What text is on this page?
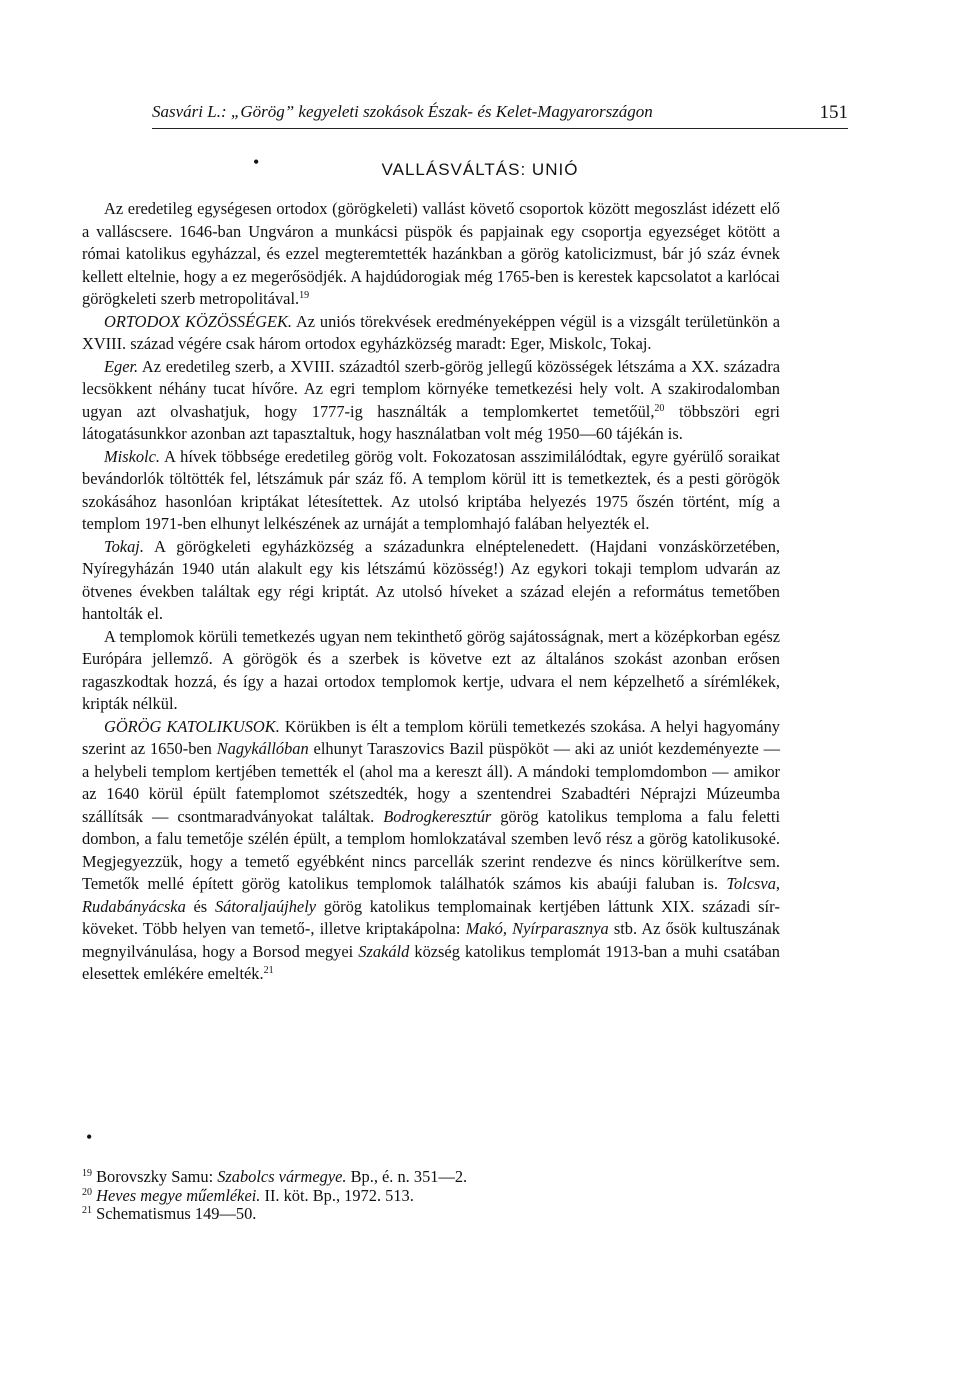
Sasvári L.: „Görög” kegyeleti szokások Észak- és Kelet-Magyarországon	151
•	VALLÁSVÁLTÁS: UNIÓ

Az eredetileg egységesen ortodox (görögkeleti) vallást követő csoportok között megoszlást idézett elő a valláscsere. 1646-ban Ungváron a munkácsi püspök és papjainak egy csoportja egyezséget kötött a római katolikus egyházzal, és ezzel megteremtették hazánkban a görög katolicizmust, bár jó száz évnek kellett eltelnie, hogy a ez megerősödjék. A hajdúdorogiak még 1765-ben is kerestek kapcsolatot a karlócai görögkeleti szerb metropolitával.$^{19}$

ORTODOX KÖZÖSSÉGEK. Az uniós törekvések eredményeképpen végül is a vizsgált területünkön a XVIII. század végére csak három ortodox egyházközség maradt: Eger, Miskolc, Tokaj.

Eger. Az eredetileg szerb, a XVIII. századtól szerb-görög jellegű közösségek létszáma a XX. századra lecsökkent néhány tucat hívőre. Az egri templom környéke temetkezési hely volt. A szakirodalomban ugyan azt olvashatjuk, hogy 1777-ig használták a templomkertet temetőül,$^{20}$ többszöri egri látogatásunkkor azonban azt tapasztaltuk, hogy használatban volt még 1950—60 tájékán is.

Miskolc. A hívek többsége eredetileg görög volt. Fokozatosan asszimilálódtak, egyre gyérülő soraikat bevándorlók töltötték fel, létszámuk pár száz fő. A templom körül itt is temetkeztek, és a pesti görögök szokásához hasonlóan kriptákat létesítettek. Az utolsó kriptába helyezés 1975 őszén történt, míg a templom 1971-ben elhunyt lelkészének az urnáját a templomhajó falában helyezték el.

Tokaj. A görögkeleti egyházközség a századunkra elnéptelenedett. (Hajdani vonzáskörzetében, Nyíregyházán 1940 után alakult egy kis létszámú közösség!) Az egykori tokaji templom udvarán az ötvenes években találtak egy régi kriptát. Az utolsó híveket a század elején a református temetőben hantolták el.

A templomok körüli temetkezés ugyan nem tekinthető görög sajátosságnak, mert a középkorban egész Európára jellemző. A görögök és a szerbek is követve ezt az általános szokást azonban erősen ragaszkodtak hozzá, és így a hazai ortodox templomok kertje, udvara el nem képzelhető a sírémlékek, kripták nélkül.

GÖRÖG KATOLIKUSOK. Körükben is élt a templom körüli temetkezés szokása. A helyi hagyomány szerint az 1650-ben Nagykállóban elhunyt Taraszovics Bazil püspököt — aki az uniót kezdeményezte — a helybeli templom kertjében temették el (ahol ma a kereszt áll). A mándoki templomdombon — amikor az 1640 körül épült fatemplomot szétszedték, hogy a szentendrei Szabadtéri Néprajzi Múzeumba szállítsák — csontmaradványokat találtak. Bodrogkeresztúr görög katolikus temploma a falu feletti dombon, a falu temetője szélén épült, a templom homlokzatával szemben levő rész a görög katolikusoké. Megjegyezzük, hogy a temető egyébként nincs parcellák szerint rendezve és nincs körülkerítve sem. Temetők mellé épített görög katolikus templomok találhatók számos kis abaúji faluban is. Tolcsva, Rudabányácska és Sátoraljaújhely görög katolikus templomainak kertjében láttunk XIX. századi sírköveket. Több helyen van temető-, illetve kriptakápolna: Makó, Nyírparasznya stb. Az ősök kultuszának megnyilvánulása, hogy a Borsod megyei Szakáld község katolikus templomát 1913-ban a muhi csatában elesettek emlékére emelték.$^{21}$

•

$^{19}$ Borovszky Samu: Szabolcs vármegye. Bp., é. n. 351—2.

$^{20}$ Heves megye műemlékei. II. köt. Bp., 1972. 513.

$^{21}$ Schematismus 149—50.
